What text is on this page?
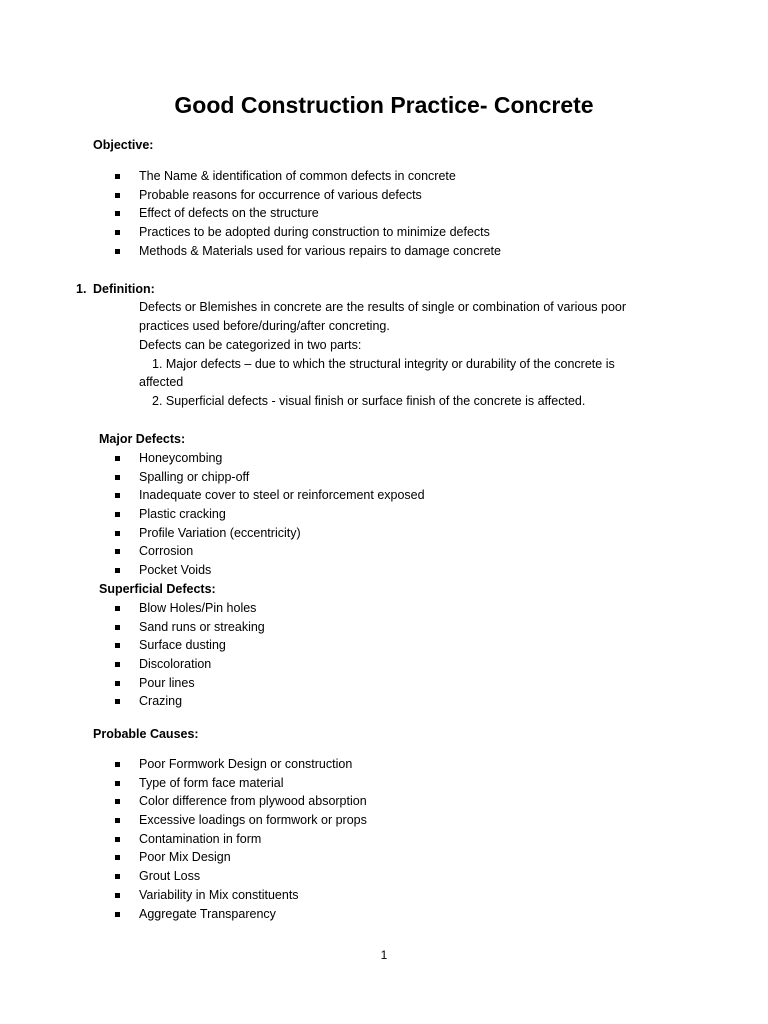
Good Construction Practice- Concrete
Objective:
The Name & identification of common defects in concrete
Probable reasons for occurrence of various defects
Effect of defects on the structure
Practices to be adopted during construction to minimize defects
Methods & Materials used for various repairs to damage concrete
1. Definition:
Defects or Blemishes in concrete are the results of single or combination of various poor
practices used before/during/after concreting.
Defects can be categorized in two parts:
1. Major defects – due to which the structural integrity or durability of the concrete is
affected
2. Superficial defects - visual finish or surface finish of the concrete is affected.
Major Defects:
Honeycombing
Spalling or chipp-off
Inadequate cover to steel or reinforcement exposed
Plastic cracking
Profile Variation (eccentricity)
Corrosion
Pocket Voids
Superficial Defects:
Blow Holes/Pin holes
Sand runs or streaking
Surface dusting
Discoloration
Pour lines
Crazing
Probable Causes:
Poor Formwork Design or construction
Type of form face material
Color difference from plywood absorption
Excessive loadings on formwork or props
Contamination in form
Poor Mix Design
Grout Loss
Variability in Mix constituents
Aggregate Transparency
1
